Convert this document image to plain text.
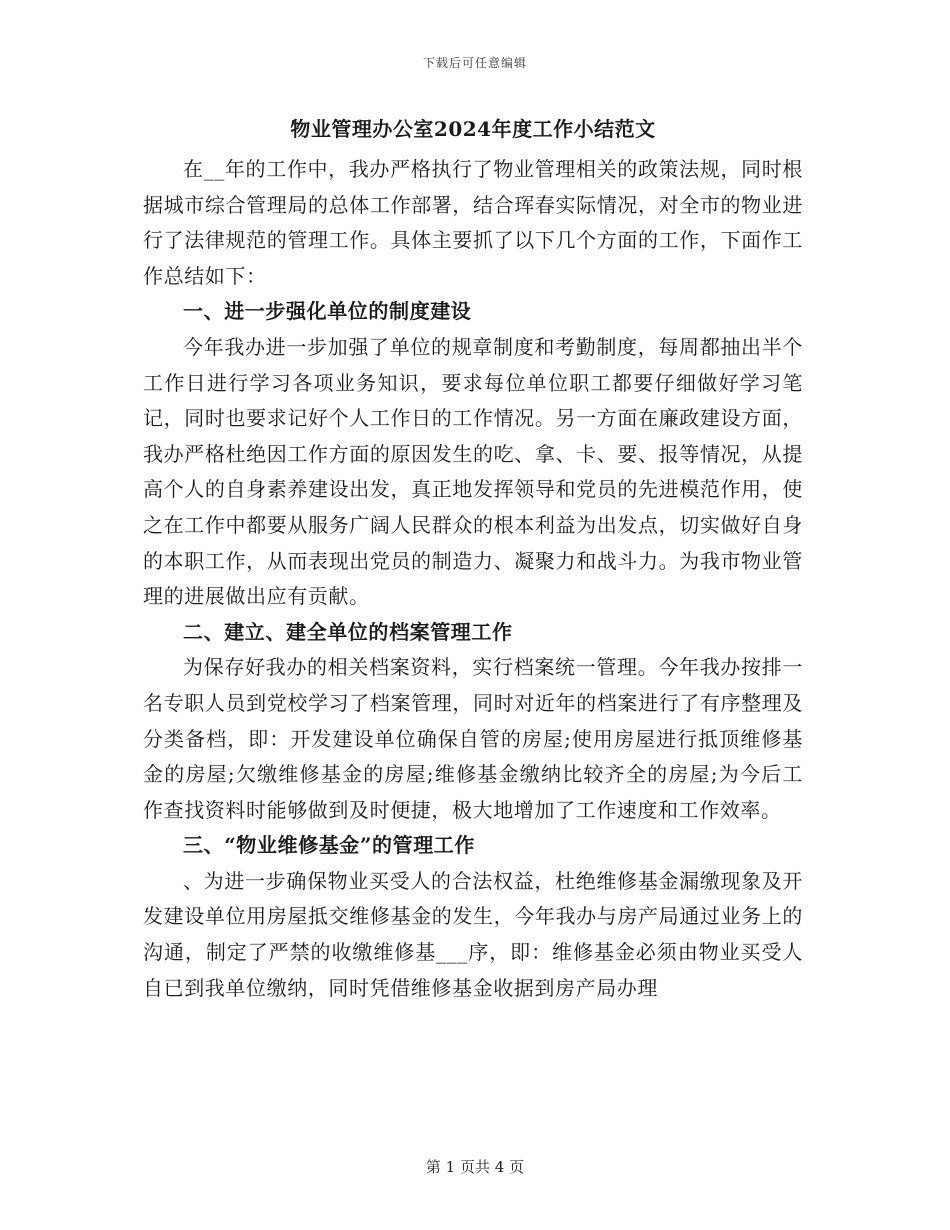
下载后可任意编辑
物业管理办公室2024年度工作小结范文

在__年的工作中，我办严格执行了物业管理相关的政策法规，同时根据城市综合管理局的总体工作部署，结合珲春实际情况，对全市的物业进行了法律规范的管理工作。具体主要抓了以下几个方面的工作，下面作工作总结如下：

一、进一步强化单位的制度建设

今年我办进一步加强了单位的规章制度和考勤制度，每周都抽出半个工作日进行学习各项业务知识，要求每位单位职工都要仔细做好学习笔记，同时也要求记好个人工作日的工作情况。另一方面在廉政建设方面，我办严格杜绝因工作方面的原因发生的吃、拿、卡、要、报等情况，从提高个人的自身素养建设出发，真正地发挥领导和党员的先进模范作用，使之在工作中都要从服务广阔人民群众的根本利益为出发点，切实做好自身的本职工作，从而表现出党员的制造力、凝聚力和战斗力。为我市物业管理的进展做出应有贡献。

二、建立、建全单位的档案管理工作

为保存好我办的相关档案资料，实行档案统一管理。今年我办按排一名专职人员到党校学习了档案管理，同时对近年的档案进行了有序整理及分类备档，即：开发建设单位确保自管的房屋;使用房屋进行抵顶维修基金的房屋;欠缴维修基金的房屋;维修基金缴纳比较齐全的房屋;为今后工作查找资料时能够做到及时便捷，极大地增加了工作速度和工作效率。

三、“物业维修基金”的管理工作

、为进一步确保物业买受人的合法权益，杜绝维修基金漏缴现象及开发建设单位用房屋抵交维修基金的发生，今年我办与房产局通过业务上的沟通，制定了严禁的收缴维修基___序，即：维修基金必须由物业买受人自已到我单位缴纳，同时凭借维修基金收据到房产局办理

第 1 页共 4 页
